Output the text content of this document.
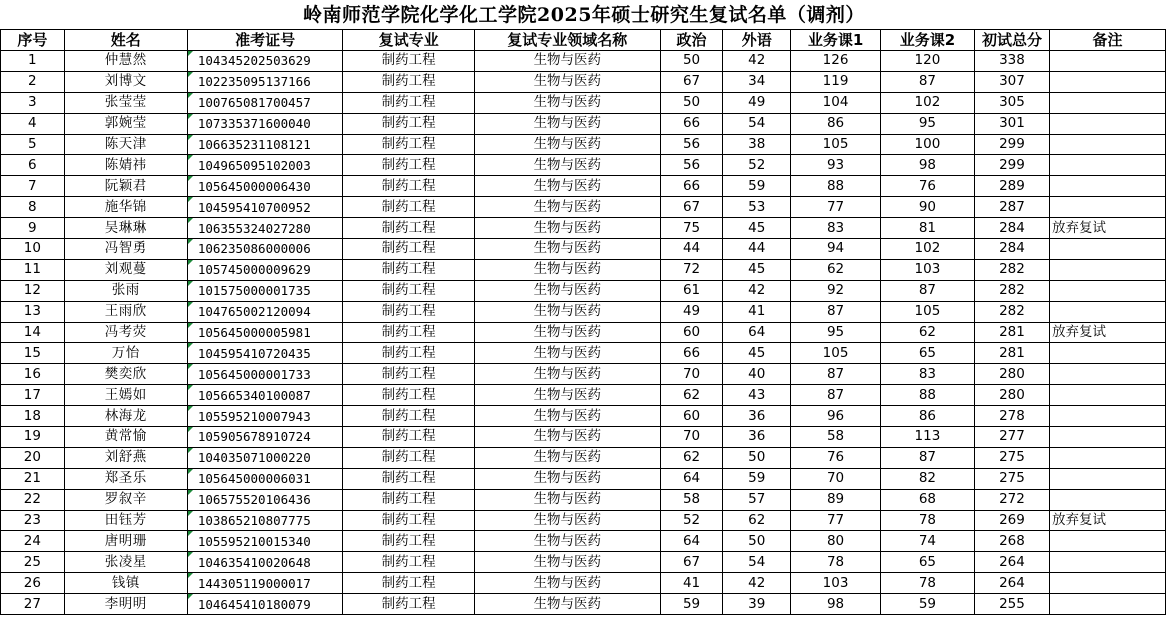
岭南师范学院化学化工学院2025年硕士研究生复试名单（调剂）
序号	姓名	准考证号	复试专业	复试专业领域名称	政治	外语	业务课1	业务课2	初试总分	备注
1	仲慧然	104345202503629	制药工程	生物与医药	50	42	126	120	338	
2	刘博文	102235095137166	制药工程	生物与医药	67	34	119	87	307	
3	张莹莹	100765081700457	制药工程	生物与医药	50	49	104	102	305	
4	郭婉莹	107335371600040	制药工程	生物与医药	66	54	86	95	301	
5	陈天津	106635231108121	制药工程	生物与医药	56	38	105	100	299	
6	陈婧祎	104965095102003	制药工程	生物与医药	56	52	93	98	299	
7	阮颖君	105645000006430	制药工程	生物与医药	66	59	88	76	289	
8	施华锦	104595410700952	制药工程	生物与医药	67	53	77	90	287	
9	吴琳琳	106355324027280	制药工程	生物与医药	75	45	83	81	284	放弃复试
10	冯智勇	106235086000006	制药工程	生物与医药	44	44	94	102	284	
11	刘观蔓	105745000009629	制药工程	生物与医药	72	45	62	103	282	
12	张雨	101575000001735	制药工程	生物与医药	61	42	92	87	282	
13	王雨欣	104765002120094	制药工程	生物与医药	49	41	87	105	282	
14	冯考荧	105645000005981	制药工程	生物与医药	60	64	95	62	281	放弃复试
15	万怡	104595410720435	制药工程	生物与医药	66	45	105	65	281	
16	樊奕欣	105645000001733	制药工程	生物与医药	70	40	87	83	280	
17	王嫣如	105665340100087	制药工程	生物与医药	62	43	87	88	280	
18	林海龙	105595210007943	制药工程	生物与医药	60	36	96	86	278	
19	黄常愉	105905678910724	制药工程	生物与医药	70	36	58	113	277	
20	刘舒燕	104035071000220	制药工程	生物与医药	62	50	76	87	275	
21	郑圣乐	105645000006031	制药工程	生物与医药	64	59	70	82	275	
22	罗叙辛	106575520106436	制药工程	生物与医药	58	57	89	68	272	
23	田钰芳	103865210807775	制药工程	生物与医药	52	62	77	78	269	放弃复试
24	唐明珊	105595210015340	制药工程	生物与医药	64	50	80	74	268	
25	张凌星	104635410020648	制药工程	生物与医药	67	54	78	65	264	
26	钱镇	144305119000017	制药工程	生物与医药	41	42	103	78	264	
27	李明明	104645410180079	制药工程	生物与医药	59	39	98	59	255	
